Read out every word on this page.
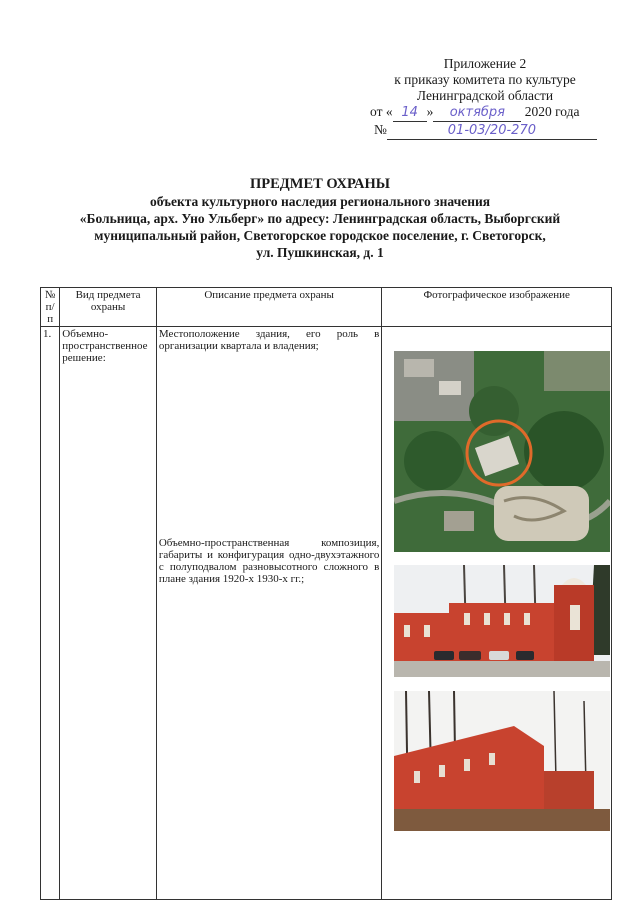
Приложение 2
к приказу комитета по культуре
Ленинградской области
от « 14 » октября 2020 года
№	01-03/20-270
ПРЕДМЕТ ОХРАНЫ
объекта культурного наследия регионального значения
«Больница, арх. Уно Ульберг» по адресу: Ленинградская область, Выборгский
муниципальный район, Светогорское городское поселение, г. Светогорск,
ул. Пушкинская, д. 1
№ п/п	Вид предмета охраны	Описание предмета охраны	Фотографическое изображение
1.	Объемно-пространственное решение:	Местоположение здания, его роль в организации квартала и владения;
Объемно-пространственная композиция, габариты и конфигурация одно-двухэтажного с полуподвалом разновысотного сложного в плане здания 1920-х 1930-х гг.;
